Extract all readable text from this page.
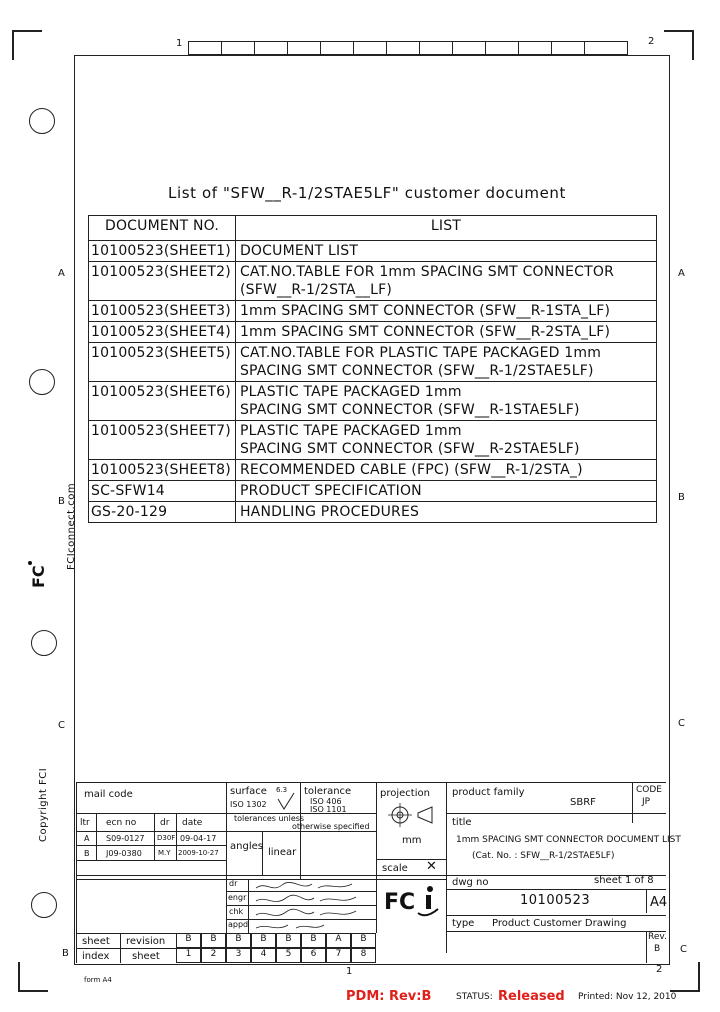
1	2
1	2
A
B
C
B
A
B
C
C
FC
FCIconnect.com
Copyright FCI
List of "SFW__R-1/2STAE5LF" customer document
DOCUMENT NO.	LIST
10100523(SHEET1)	DOCUMENT LIST

10100523(SHEET2)	CAT.NO.TABLE FOR 1mm SPACING SMT CONNECTOR
(SFW__R-1/2STA__LF)

10100523(SHEET3)	1mm SPACING SMT CONNECTOR (SFW__R-1STA_LF)

10100523(SHEET4)	1mm SPACING SMT CONNECTOR (SFW__R-2STA_LF)

10100523(SHEET5)	CAT.NO.TABLE FOR PLASTIC TAPE PACKAGED 1mm
SPACING SMT CONNECTOR (SFW__R-1/2STAE5LF)

10100523(SHEET6)	PLASTIC TAPE PACKAGED 1mm
SPACING SMT CONNECTOR (SFW__R-1STAE5LF)

10100523(SHEET7)	PLASTIC TAPE PACKAGED 1mm
SPACING SMT CONNECTOR (SFW__R-2STAE5LF)

10100523(SHEET8)	RECOMMENDED CABLE (FPC) (SFW__R-1/2STA_)

SC-SFW14	PRODUCT SPECIFICATION

GS-20-129	HANDLING PROCEDURES
mail code	surface
ISO 1302
6.3 tolerance
ISO 406
ISO 1101
tolerances unless
otherwise specified
angles
linear
ltr ecn no	dr date
A S09-0127 D30F 09-04-17
B J09-0380 M.Y 2009-10-27
projection
mm
scale ✕
product family
SBRF
CODE
JP
title
1mm SPACING SMT CONNECTOR DOCUMENT LIST
(Cat. No. : SFW__R-1/2STAE5LF)
dr
engr
chk
appd
FC
dwg no	sheet 1 of 8
10100523	A4
type Product Customer Drawing
Rev.
B
sheet revision
index sheet
B	B	B	B	B	B	A	B
1	2	3	4	5	6	7	8
form A4
PDM: Rev:B	STATUS: Released Printed: Nov 12, 2010
